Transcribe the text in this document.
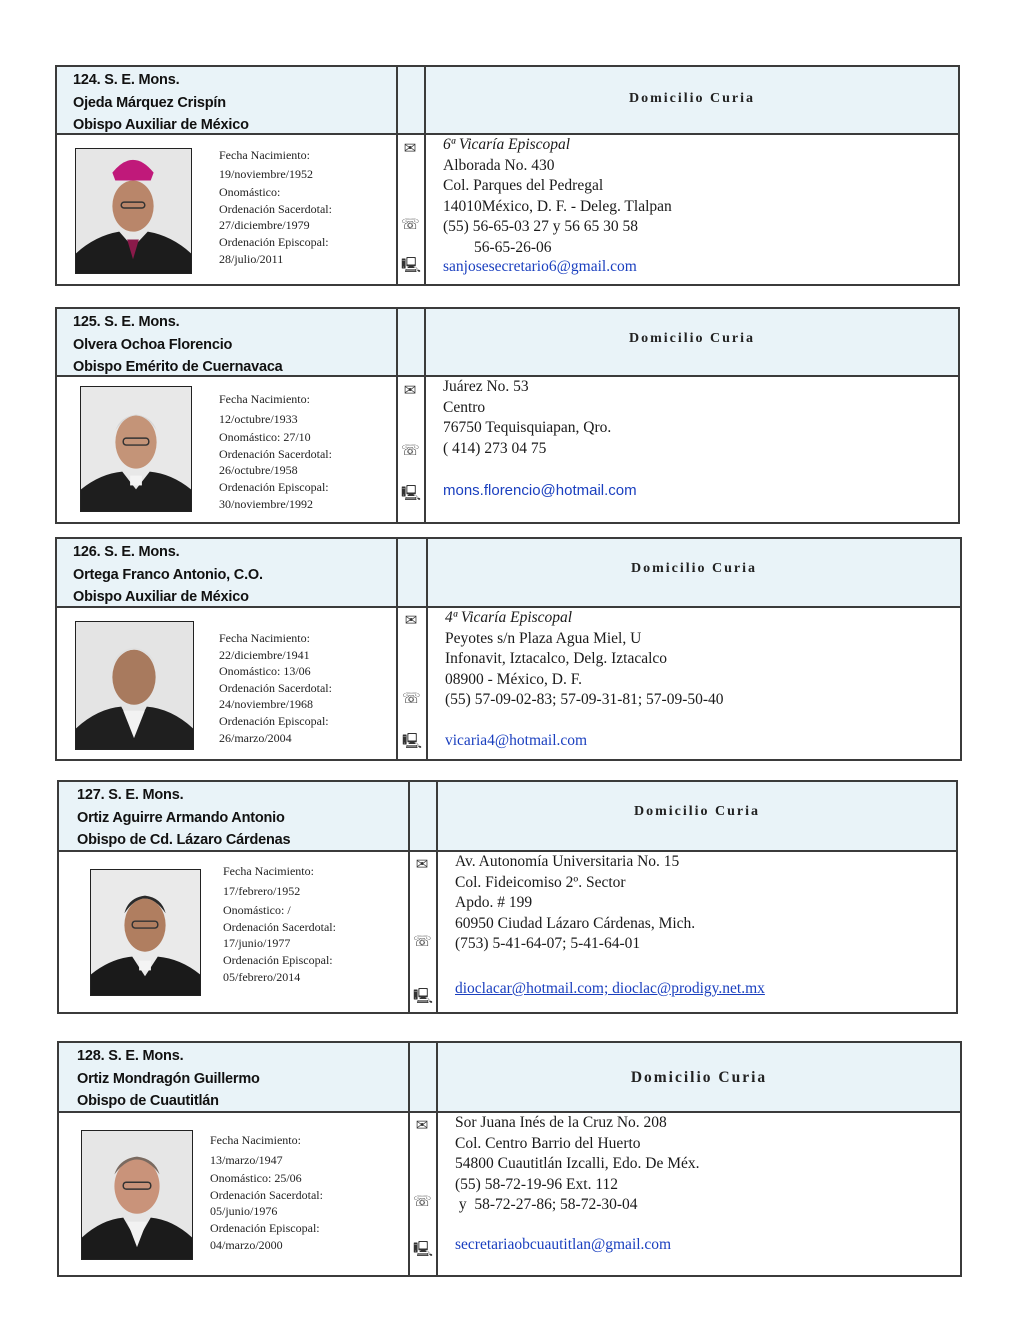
124. S. E. Mons.
Ojeda Márquez Crispín
Obispo Auxiliar de México
Domicilio Curia
Fecha Nacimiento:
19/noviembre/1952
Onomástico:
Ordenación Sacerdotal:
27/diciembre/1979
Ordenación Episcopal:
28/julio/2011
✉
☏
🖳
6ª Vicaría Episcopal
Alborada No. 430
Col. Parques del Pedregal
14010México, D. F. - Deleg. Tlalpan
(55) 56-65-03 27 y 56 65 30 58
56-65-26-06
sanjosesecretario6@gmail.com
125. S. E. Mons.
Olvera Ochoa Florencio
Obispo Emérito de Cuernavaca
Domicilio Curia
Fecha Nacimiento:
12/octubre/1933
Onomástico: 27/10
Ordenación Sacerdotal:
26/octubre/1958
Ordenación Episcopal:
30/noviembre/1992
✉
☏
🖳
Juárez No. 53
Centro
76750 Tequisquiapan, Qro.
( 414) 273 04 75
mons.florencio@hotmail.com
126. S. E. Mons.
Ortega Franco Antonio, C.O.
Obispo Auxiliar de México
Domicilio Curia
Fecha Nacimiento:
22/diciembre/1941
Onomástico: 13/06
Ordenación Sacerdotal:
24/noviembre/1968
Ordenación Episcopal:
26/marzo/2004
✉
☏
🖳
4ª Vicaría Episcopal
Peyotes s/n Plaza Agua Miel, U
Infonavit, Iztacalco, Delg. Iztacalco
08900 - México, D. F.
(55) 57-09-02-83; 57-09-31-81; 57-09-50-40
vicaria4@hotmail.com
127. S. E. Mons.
Ortiz Aguirre Armando Antonio
Obispo de Cd. Lázaro Cárdenas
Domicilio Curia
Fecha Nacimiento:
17/febrero/1952
Onomástico: /
Ordenación Sacerdotal:
17/junio/1977
Ordenación Episcopal:
05/febrero/2014
✉
☏
🖳
Av. Autonomía Universitaria No. 15
Col. Fideicomiso 2º. Sector
Apdo. # 199
60950 Ciudad Lázaro Cárdenas, Mich.
(753) 5-41-64-07; 5-41-64-01
dioclacar@hotmail.com; dioclac@prodigy.net.mx
128. S. E. Mons.
Ortiz Mondragón Guillermo
Obispo de Cuautitlán
Domicilio Curia
Fecha Nacimiento:
13/marzo/1947
Onomástico: 25/06
Ordenación Sacerdotal:
05/junio/1976
Ordenación Episcopal:
04/marzo/2000
✉
☏
🖳
Sor Juana Inés de la Cruz No. 208
Col. Centro Barrio del Huerto
54800 Cuautitlán Izcalli, Edo. De Méx.
(55) 58-72-19-96 Ext. 112
y  58-72-27-86; 58-72-30-04
secretariaobcuautitlan@gmail.com
